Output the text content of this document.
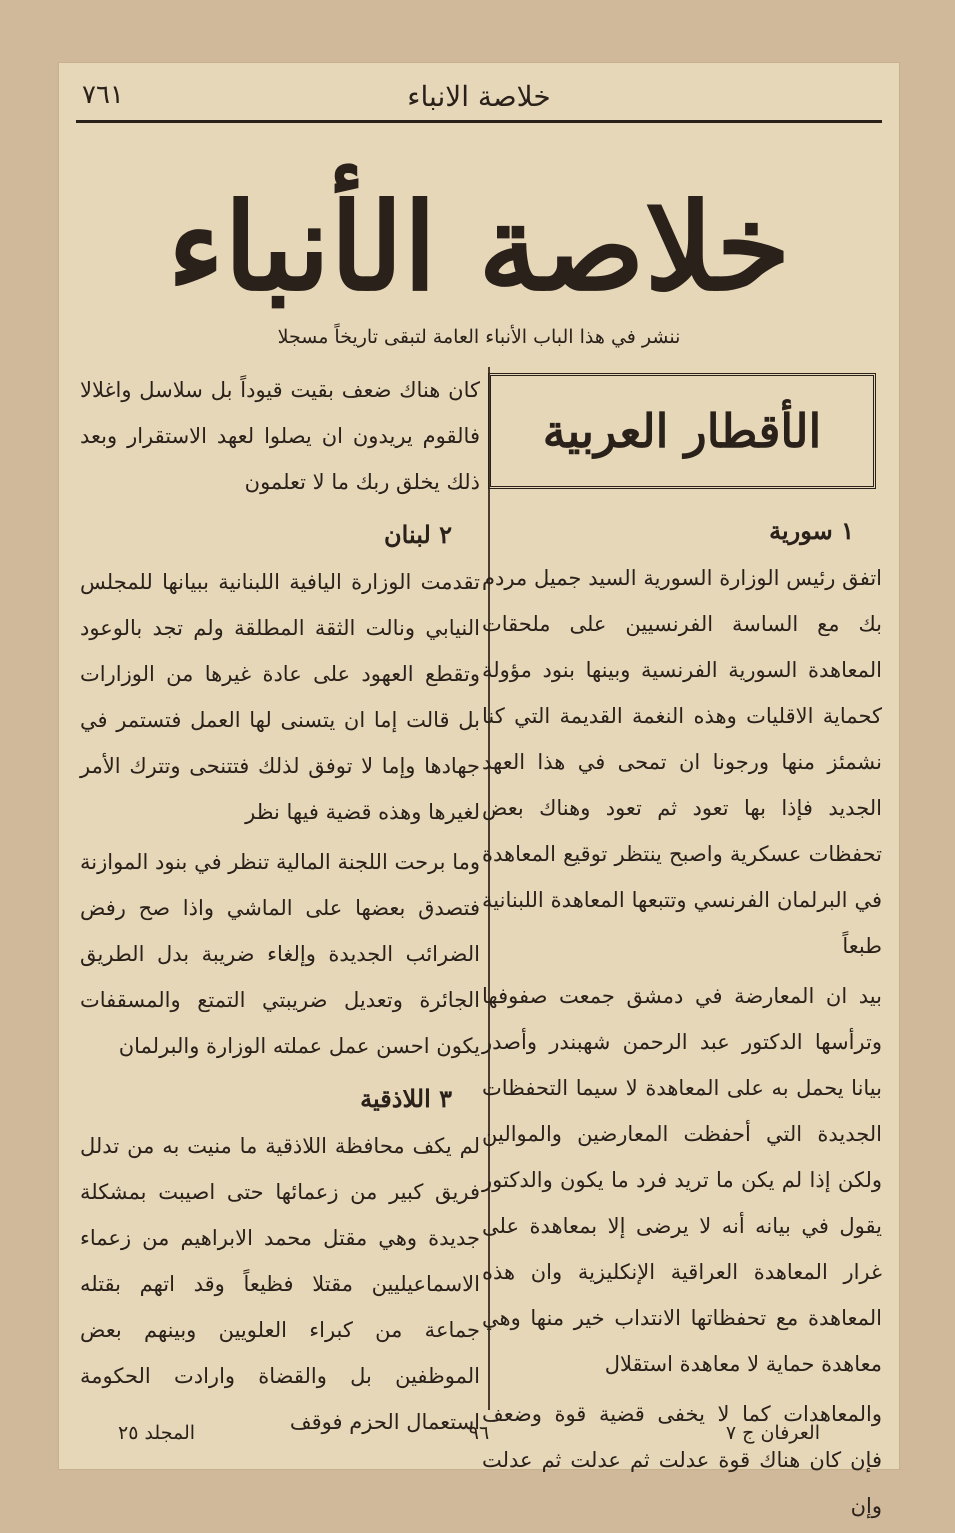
٧٦١	خلاصة الانباء
خلاصة الأنباء
ننشر في هذا الباب الأنباء العامة لتبقى تاريخاً مسجلا
الأقطار العربية
١ سورية

اتفق رئيس الوزارة السورية السيد جميل مردم بك مع الساسة الفرنسيين على ملحقات المعاهدة السورية الفرنسية وبينها بنود مؤولة كحماية الاقليات وهذه النغمة القديمة التي كنا نشمئز منها ورجونا ان تمحى في هذا العهد الجديد فإذا بها تعود ثم تعود وهناك بعض تحفظات عسكرية واصبح ينتظر توقيع المعاهدة في البرلمان الفرنسي وتتبعها المعاهدة اللبنانية طبعاً

بيد ان المعارضة في دمشق جمعت صفوفها وترأسها الدكتور عبد الرحمن شهبندر وأصدر بيانا يحمل به على المعاهدة لا سيما التحفظات الجديدة التي أحفظت المعارضين والموالين ولكن إذا لم يكن ما تريد فرد ما يكون والدكتور يقول في بيانه أنه لا يرضى إلا بمعاهدة على غرار المعاهدة العراقية الإنكليزية وان هذه المعاهدة مع تحفظاتها الانتداب خير منها وهي معاهدة حماية لا معاهدة استقلال

والمعاهدات كما لا يخفى قضية قوة وضعف فإن كان هناك قوة عدلت ثم عدلت ثم عدلت وإن

كان هناك ضعف بقيت قيوداً بل سلاسل واغلالا فالقوم يريدون ان يصلوا لعهد الاستقرار وبعد ذلك يخلق ربك ما لا تعلمون

٢ لبنان

تقدمت الوزارة اليافية اللبنانية ببيانها للمجلس النيابي ونالت الثقة المطلقة ولم تجد بالوعود وتقطع العهود على عادة غيرها من الوزارات بل قالت إما ان يتسنى لها العمل فتستمر في جهادها وإما لا توفق لذلك فتتنحى وتترك الأمر لغيرها وهذه قضية فيها نظر

وما برحت اللجنة المالية تنظر في بنود الموازنة فتصدق بعضها على الماشي واذا صح رفض الضرائب الجديدة وإلغاء ضريبة بدل الطريق الجائرة وتعديل ضريبتي التمتع والمسقفات يكون احسن عمل عملته الوزارة والبرلمان

٣ اللاذقية

لم يكف محافظة اللاذقية ما منيت به من تدلل فريق كبير من زعمائها حتى اصيبت بمشكلة جديدة وهي مقتل محمد الابراهيم من زعماء الاسماعيليين مقتلا فظيعاً وقد اتهم بقتله جماعة من كبراء العلويين وبينهم بعض الموظفين بل والقضاة وارادت الحكومة استعمال الحزم فوقف	العرفان ج ٧
٩٦
المجلد ٢٥
